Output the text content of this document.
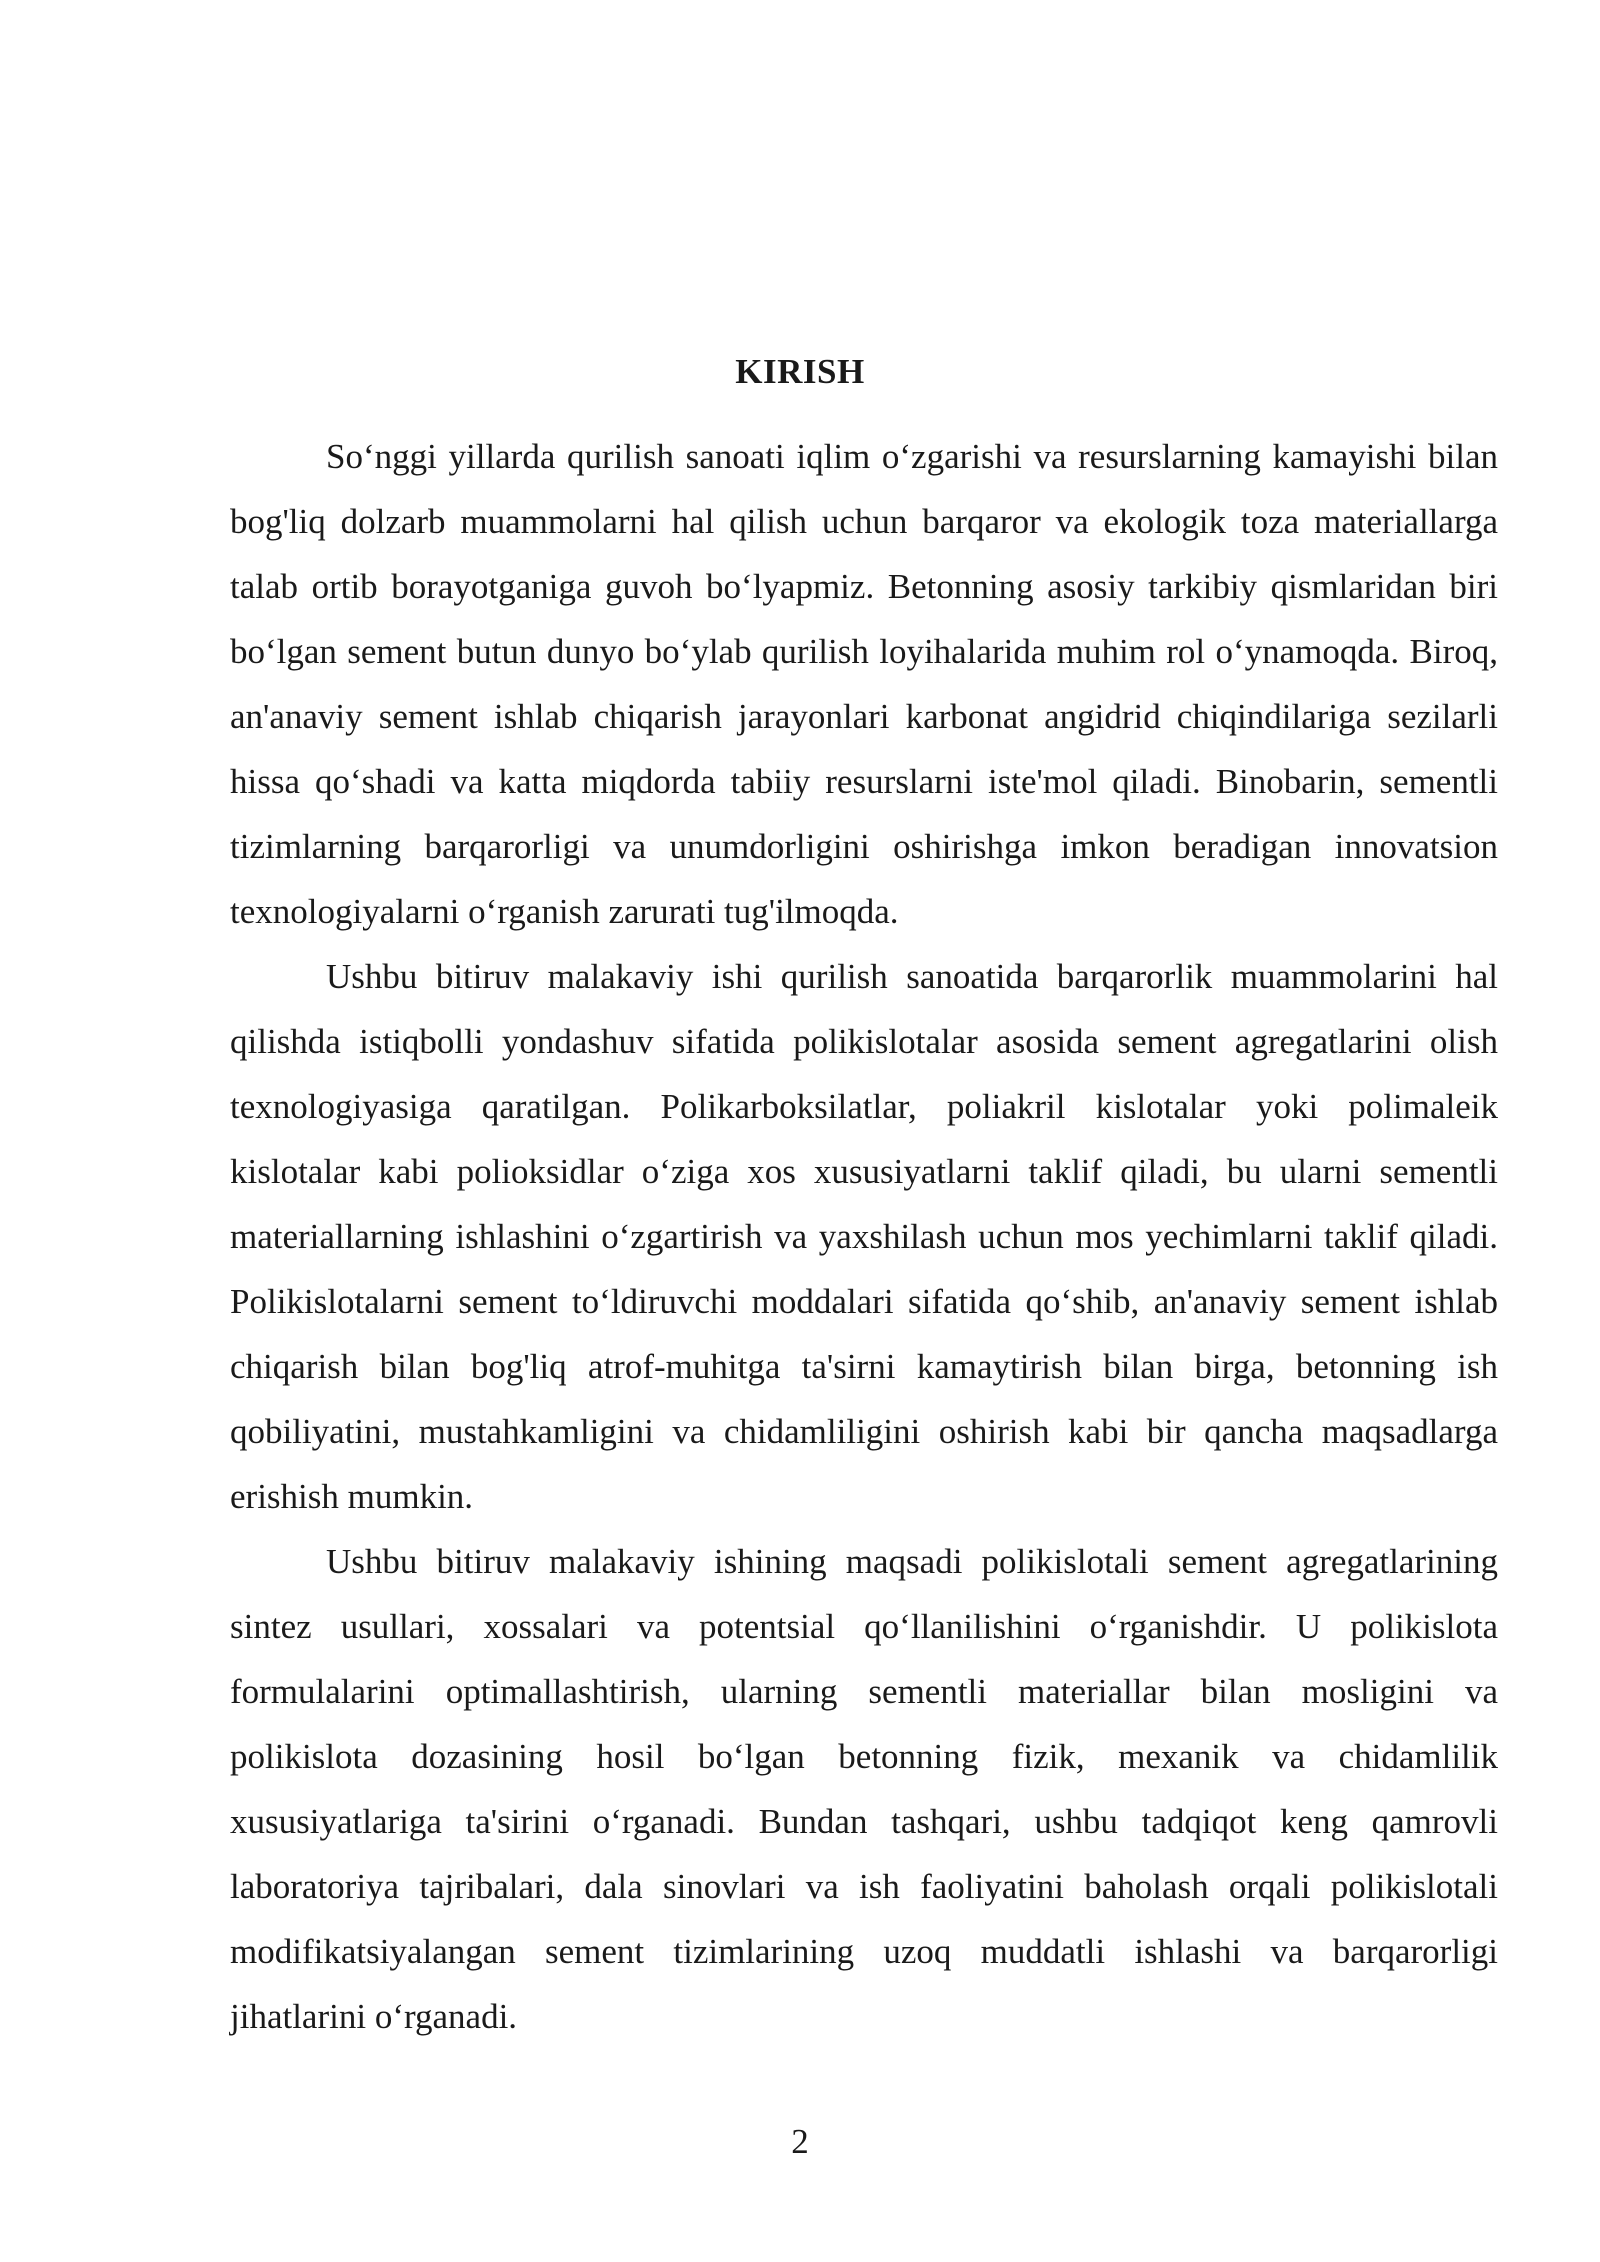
KIRISH

So‘nggi yillarda qurilish sanoati iqlim o‘zgarishi va resurslarning kamayishi bilan bog'liq dolzarb muammolarni hal qilish uchun barqaror va ekologik toza materiallarga talab ortib borayotganiga guvoh bo‘lyapmiz. Betonning asosiy tarkibiy qismlaridan biri bo‘lgan sement butun dunyo bo‘ylab qurilish loyihalarida muhim rol o‘ynamoqda. Biroq, an'anaviy sement ishlab chiqarish jarayonlari karbonat angidrid chiqindilariga sezilarli hissa qo‘shadi va katta miqdorda tabiiy resurslarni iste'mol qiladi. Binobarin, sementli tizimlarning barqarorligi va unumdorligini oshirishga imkon beradigan innovatsion texnologiyalarni o‘rganish zarurati tug'ilmoqda.

Ushbu bitiruv malakaviy ishi qurilish sanoatida barqarorlik muammolarini hal qilishda istiqbolli yondashuv sifatida polikislotalar asosida sement agregatlarini olish texnologiyasiga qaratilgan. Polikarboksilatlar, poliakril kislotalar yoki polimaleik kislotalar kabi polioksidlar o‘ziga xos xususiyatlarni taklif qiladi, bu ularni sementli materiallarning ishlashini o‘zgartirish va yaxshilash uchun mos yechimlarni taklif qiladi. Polikislotalarni sement to‘ldiruvchi moddalari sifatida qo‘shib, an'anaviy sement ishlab chiqarish bilan bog'liq atrof-muhitga ta'sirni kamaytirish bilan birga, betonning ish qobiliyatini, mustahkamligini va chidamliligini oshirish kabi bir qancha maqsadlarga erishish mumkin.

Ushbu bitiruv malakaviy ishining maqsadi polikislotali sement agregatlarining sintez usullari, xossalari va potentsial qo‘llanilishini o‘rganishdir. U polikislota formulalarini optimallashtirish, ularning sementli materiallar bilan mosligini va polikislota dozasining hosil bo‘lgan betonning fizik, mexanik va chidamlilik xususiyatlariga ta'sirini o‘rganadi. Bundan tashqari, ushbu tadqiqot keng qamrovli laboratoriya tajribalari, dala sinovlari va ish faoliyatini baholash orqali polikislotali modifikatsiyalangan sement tizimlarining uzoq muddatli ishlashi va barqarorligi jihatlarini o‘rganadi.

2
